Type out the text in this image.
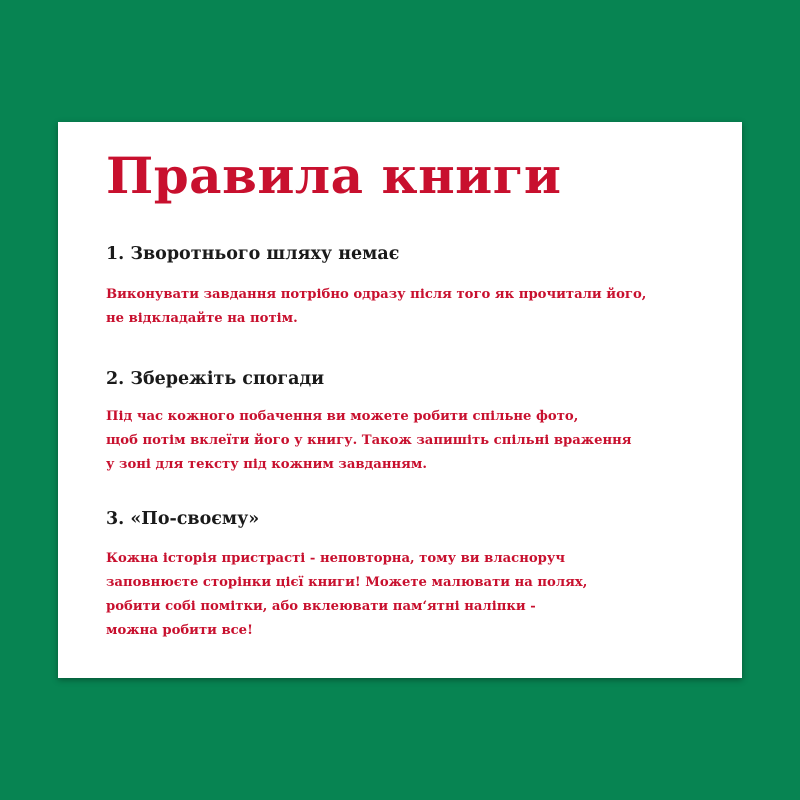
Правила книги
1. Зворотнього шляху немає

Виконувати завдання потрібно одразу після того як прочитали його,
не відкладайте на потім.

2. Збережіть спогади

Під час кожного побачення ви можете робити спільне фото,
щоб потім вклеїти його у книгу. Також запишіть спільні враження
у зоні для тексту під кожним завданням.

3. «По-своєму»

Кожна історія пристрасті - неповторна, тому ви власноруч
заповнюєте сторінки цієї книги! Можете малювати на полях,
робити собі помітки, або вклеювати пам‘ятні наліпки -
можна робити все!
